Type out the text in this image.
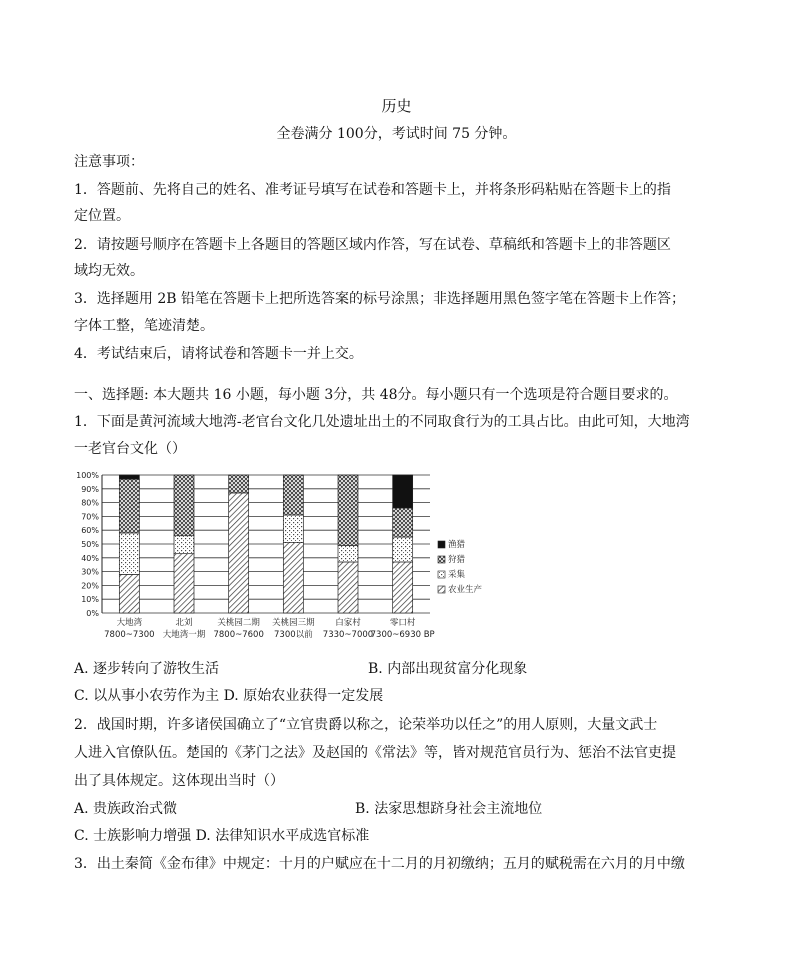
历史
全卷满分 100分，考试时间 75 分钟。
注意事项：
1．答题前、先将自己的姓名、准考证号填写在试卷和答题卡上，并将条形码粘贴在答题卡上的指
定位置。
2．请按题号顺序在答题卡上各题目的答题区域内作答，写在试卷、草稿纸和答题卡上的非答题区
域均无效。
3．选择题用 2B 铅笔在答题卡上把所选答案的标号涂黑；非选择题用黑色签字笔在答题卡上作答；
字体工整，笔迹清楚。
4．考试结束后，请将试卷和答题卡一并上交。
一、选择题: 本大题共 16 小题，每小题 3分，共 48分。每小题只有一个选项是符合题目要求的。
1．下面是黄河流域大地湾-老官台文化几处遗址出土的不同取食行为的工具占比。由此可知，大地湾
一老官台文化（）
0%
10%
20%
30%
40%
50%
60%
70%
80%
90%
100%
大地湾
7800~7300
北刘
大地湾一期
关桃园二期
7800~7600
关桃园三期
7300以前
白家村
7330~7000
零口村
7300~6930 BP
渔猎
狩猎
采集
农业生产
A. 逐步转向了游牧生活	B. 内部出现贫富分化现象
C. 以从事小农劳作为主 D. 原始农业获得一定发展
2．战国时期，许多诸侯国确立了“立官贵爵以称之，论荣举功以任之”的用人原则，大量文武士
人进入官僚队伍。楚国的《茅门之法》及赵国的《常法》等，皆对规范官员行为、惩治不法官吏提
出了具体规定。这体现出当时（）
A. 贵族政治式微	B. 法家思想跻身社会主流地位
C. 士族影响力增强 D. 法律知识水平成选官标准
3．出土秦简《金布律》中规定：十月的户赋应在十二月的月初缴纳；五月的赋税需在六月的月中缴
